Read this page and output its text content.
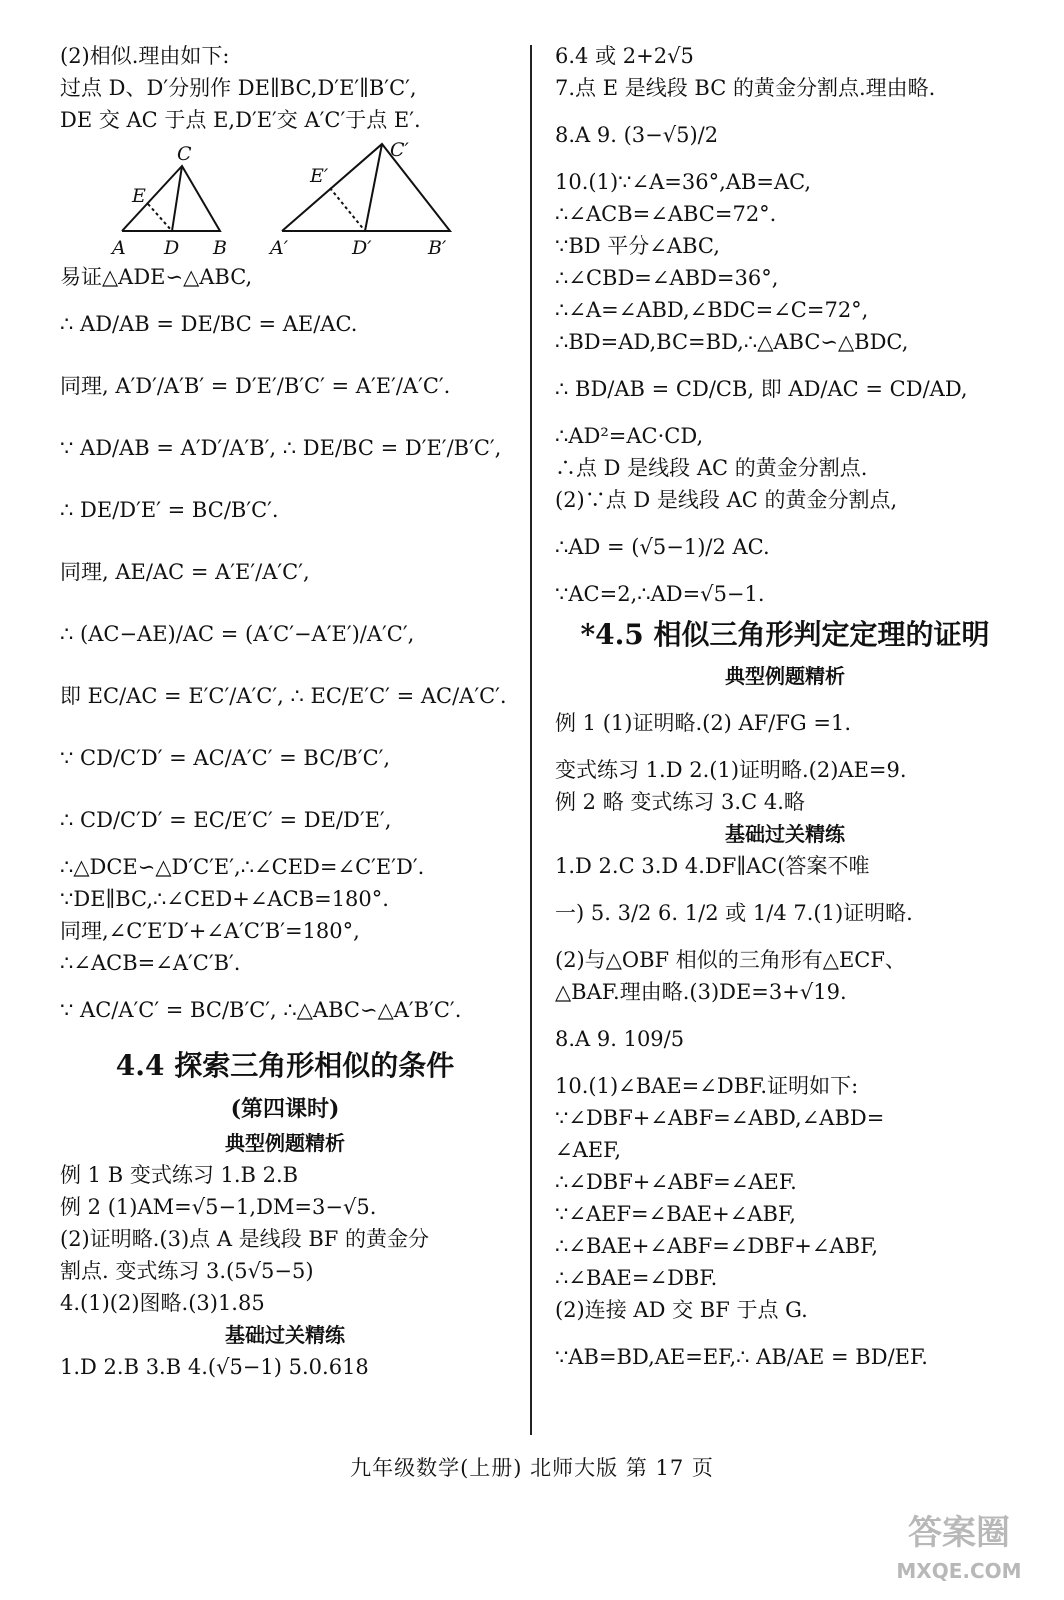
(2)相似.理由如下:
过点 D、D′分别作 DE∥BC,D′E′∥B′C′,
DE 交 AC 于点 E,D′E′交 A′C′于点 E′.
A D B
C
E
A′	D′	B′
C′
E′
易证△ADE∽△ABC,
∴ AD/AB = DE/BC = AE/AC.
同理, A′D′/A′B′ = D′E′/B′C′ = A′E′/A′C′.
∵ AD/AB = A′D′/A′B′, ∴ DE/BC = D′E′/B′C′,
∴ DE/D′E′ = BC/B′C′.
同理, AE/AC = A′E′/A′C′,
∴ (AC−AE)/AC = (A′C′−A′E′)/A′C′,
即 EC/AC = E′C′/A′C′, ∴ EC/E′C′ = AC/A′C′.
∵ CD/C′D′ = AC/A′C′ = BC/B′C′,
∴ CD/C′D′ = EC/E′C′ = DE/D′E′,
∴△DCE∽△D′C′E′,∴∠CED=∠C′E′D′.
∵DE∥BC,∴∠CED+∠ACB=180°.
同理,∠C′E′D′+∠A′C′B′=180°,
∴∠ACB=∠A′C′B′.
∵ AC/A′C′ = BC/B′C′, ∴△ABC∽△A′B′C′.
4.4 探索三角形相似的条件
(第四课时)
典型例题精析
例 1 B 变式练习 1.B 2.B
例 2 (1)AM=√5−1,DM=3−√5.
(2)证明略.(3)点 A 是线段 BF 的黄金分
割点. 变式练习 3.(5√5−5)
4.(1)(2)图略.(3)1.85
基础过关精练
1.D 2.B 3.B 4.(√5−1) 5.0.618
6.4 或 2+2√5
7.点 E 是线段 BC 的黄金分割点.理由略.
8.A 9. (3−√5)/2
10.(1)∵∠A=36°,AB=AC,
∴∠ACB=∠ABC=72°.
∵BD 平分∠ABC,
∴∠CBD=∠ABD=36°,
∴∠A=∠ABD,∠BDC=∠C=72°,
∴BD=AD,BC=BD,∴△ABC∽△BDC,
∴ BD/AB = CD/CB, 即 AD/AC = CD/AD,
∴AD²=AC·CD,
∴点 D 是线段 AC 的黄金分割点.
(2)∵点 D 是线段 AC 的黄金分割点,
∴AD = (√5−1)/2 AC.
∵AC=2,∴AD=√5−1.
*4.5 相似三角形判定定理的证明
典型例题精析
例 1 (1)证明略.(2) AF/FG =1.
变式练习 1.D 2.(1)证明略.(2)AE=9.
例 2 略 变式练习 3.C 4.略
基础过关精练
1.D 2.C 3.D 4.DF∥AC(答案不唯
一) 5. 3/2 6. 1/2 或 1/4 7.(1)证明略.
(2)与△OBF 相似的三角形有△ECF、
△BAF.理由略.(3)DE=3+√19.
8.A 9. 109/5
10.(1)∠BAE=∠DBF.证明如下:
∵∠DBF+∠ABF=∠ABD,∠ABD=
∠AEF,
∴∠DBF+∠ABF=∠AEF.
∵∠AEF=∠BAE+∠ABF,
∴∠BAE+∠ABF=∠DBF+∠ABF,
∴∠BAE=∠DBF.
(2)连接 AD 交 BF 于点 G.
∵AB=BD,AE=EF,∴ AB/AE = BD/EF.
九年级数学(上册) 北师大版 第 17 页
答案圈
MXQE.COM
